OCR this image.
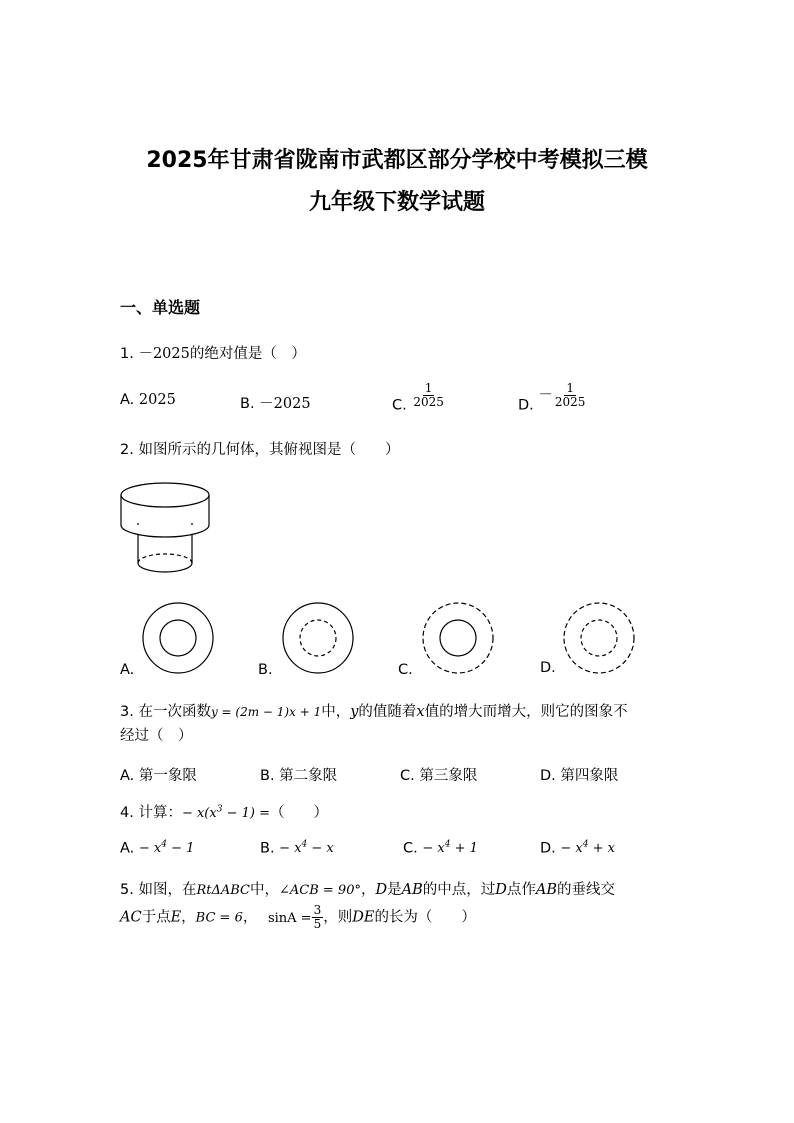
2025年甘肃省陇南市武都区部分学校中考模拟三模
九年级下数学试题
一、单选题
1. －2025的绝对值是（　）
A. 2025	B. －2025	C. $\frac{1}{2025}$	D. － $\frac{1}{2025}$
2. 如图所示的几何体，其俯视图是（　　）
A.	B.	C.	D.
3. 在一次函数y = (2m − 1)x + 1中，y的值随着x值的增大而增大，则它的图象不
经过（　）
A. 第一象限	B. 第二象限	C. 第三象限	D. 第四象限
4. 计算：− $x(x^3 - 1)$ =（　　）
A. − $x^4 - 1$	B. − $x^4 - x$	C. − $x^4 + 1$	D. − $x^4 + x$
5. 如图，在RtΔABC中，∠ACB = 90°，D是AB的中点，过D点作AB的垂线交
AC于点E，BC = 6， $\sin A = \frac{3}{5}$ ，则DE的长为（　　）
